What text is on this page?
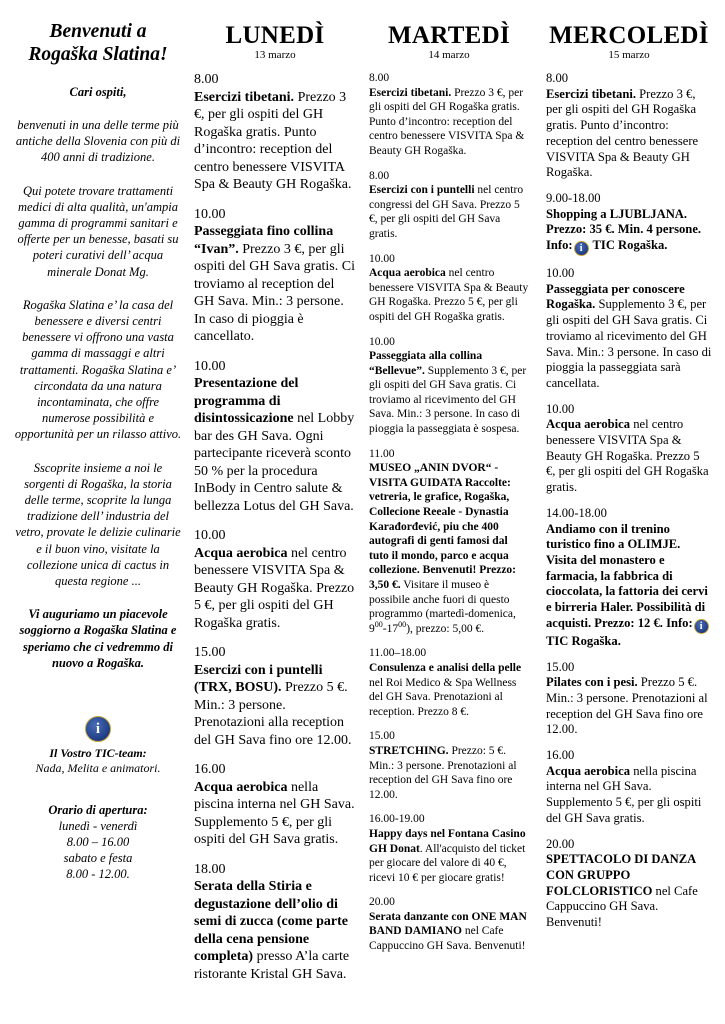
Benvenuti a
Rogaška Slatina!

Cari ospiti,

benvenuti in una delle terme più antiche della Slovenia con più di 400 anni di tradizione.

Qui potete trovare trattamenti medici di alta qualità, un'ampia gamma di programmi sanitari e offerte per un benesse, basati su poteri curativi dell’ acqua minerale Donat Mg.

Rogaška Slatina e’ la casa del benessere e diversi centri benessere vi offrono una vasta gamma di massaggi e altri trattamenti. Rogaška Slatina e’ circondata da una natura incontaminata, che offre numerose possibilità e opportunità per un rilasso attivo.

Sscoprite insieme a noi le sorgenti di Rogaška, la storia delle terme, scoprite la lunga tradizione dell’ industria del vetro, provate le delizie culinarie e il buon vino, visitate la collezione unica di cactus in questa regione ...

Vi auguriamo un piacevole soggiorno a Rogaška Slatina e speriamo che ci vedremmo di nuovo a Rogaška.

i

Il Vostro TIC-team:

Nada, Melita e animatori.

Orario di apertura:

lunedì - venerdì

8.00 – 16.00

sabato e festa

8.00 - 12.00.

LUNEDÌ
13 marzo
8.00

Esercizi tibetani. Prezzo 3 €, per gli ospiti del GH Rogaška gratis. Punto d’incontro: reception del centro benessere VISVITA Spa & Beauty GH Rogaška.

10.00

Passeggiata fino collina “Ivan”. Prezzo 3 €, per gli ospiti del GH Sava gratis. Ci troviamo al reception del GH Sava. Min.: 3 persone. In caso di pioggia è cancellato.

10.00

Presentazione del programma di disintossicazione nel Lobby bar des GH Sava. Ogni partecipante riceverà sconto 50 % per la procedura InBody in Centro salute & bellezza Lotus del GH Sava.

10.00

Acqua aerobica nel centro benessere VISVITA Spa & Beauty GH Rogaška. Prezzo 5 €, per gli ospiti del GH Rogaška gratis.

15.00

Esercizi con i puntelli (TRX, BOSU). Prezzo 5 €. Min.: 3 persone. Prenotazioni alla reception del GH Sava fino ore 12.00.

16.00

Acqua aerobica nella piscina interna nel GH Sava. Supplemento 5 €, per gli ospiti del GH Sava gratis.

18.00

Serata della Stiria e degustazione dell’olio di semi di zucca (come parte della cena pensione completa) presso A’la carte ristorante Kristal GH Sava.

MARTEDÌ
14 marzo
8.00

Esercizi tibetani. Prezzo 3 €, per gli ospiti del GH Rogaška gratis. Punto d’incontro: reception del centro benessere VISVITA Spa & Beauty GH Rogaška.

8.00

Esercizi con i puntelli nel centro congressi del GH Sava. Prezzo 5 €, per gli ospiti del GH Sava gratis.

10.00

Acqua aerobica nel centro benessere VISVITA Spa & Beauty GH Rogaška. Prezzo 5 €, per gli ospiti del GH Rogaška gratis.

10.00

Passeggiata alla collina “Bellevue”. Supplemento 3 €, per gli ospiti del GH Sava gratis. Ci troviamo al ricevimento del GH Sava. Min.: 3 persone. In caso di pioggia la passeggiata è sospesa.

11.00

MUSEO „ANIN DVOR“ - VISITA GUIDATA Raccolte: vetreria, le grafice, Rogaška, Collecione Reeale - Dynastia Karađorđević, piu che 400 autografi di genti famosi dal tuto il mondo, parco e acqua collezione. Benvenuti! Prezzo: 3,50 €. Visitare il museo è possibile anche fuori di questo programmo (martedì-domenica, $9^{00}-17^{00}$), prezzo: 5,00 €.

11.00–18.00

Consulenza e analisi della pelle nel Roi Medico & Spa Wellness del GH Sava. Prenotazioni al reception. Prezzo 8 €.

15.00

STRETCHING. Prezzo: 5 €. Min.: 3 persone. Prenotazioni al reception del GH Sava fino ore 12.00.

16.00-19.00

Happy days nel Fontana Casino GH Donat. All'acquisto del ticket per giocare del valore di 40 €, ricevi 10 € per giocare gratis!

20.00

Serata danzante con ONE MAN BAND DAMIANO nel Cafe Cappuccino GH Sava. Benvenuti!

MERCOLEDÌ
15 marzo
8.00

Esercizi tibetani. Prezzo 3 €, per gli ospiti del GH Rogaška gratis. Punto d’incontro: reception del centro benessere VISVITA Spa & Beauty GH Rogaška.

9.00-18.00

Shopping a LJUBLJANA. Prezzo: 35 €. Min. 4 persone. Info: i TIC Rogaška.

10.00

Passeggiata per conoscere Rogaška. Supplemento 3 €, per gli ospiti del GH Sava gratis. Ci troviamo al ricevimento del GH Sava. Min.: 3 persone. In caso di pioggia la passeggiata sarà cancellata.

10.00

Acqua aerobica nel centro benessere VISVITA Spa & Beauty GH Rogaška. Prezzo 5 €, per gli ospiti del GH Rogaška gratis.

14.00-18.00

Andiamo con il trenino turistico fino a OLIMJE. Visita del monastero e farmacia, la fabbrica di cioccolata, la fattoria dei cervi e birreria Haler. Possibilità di acquisti. Prezzo: 12 €. Info: i TIC Rogaška.

15.00

Pilates con i pesi. Prezzo 5 €. Min.: 3 persone. Prenotazioni al reception del GH Sava fino ore 12.00.

16.00

Acqua aerobica nella piscina interna nel GH Sava. Supplemento 5 €, per gli ospiti del GH Sava gratis.

20.00

SPETTACOLO DI DANZA CON GRUPPO FOLCLORISTICO nel Cafe Cappuccino GH Sava. Benvenuti!
